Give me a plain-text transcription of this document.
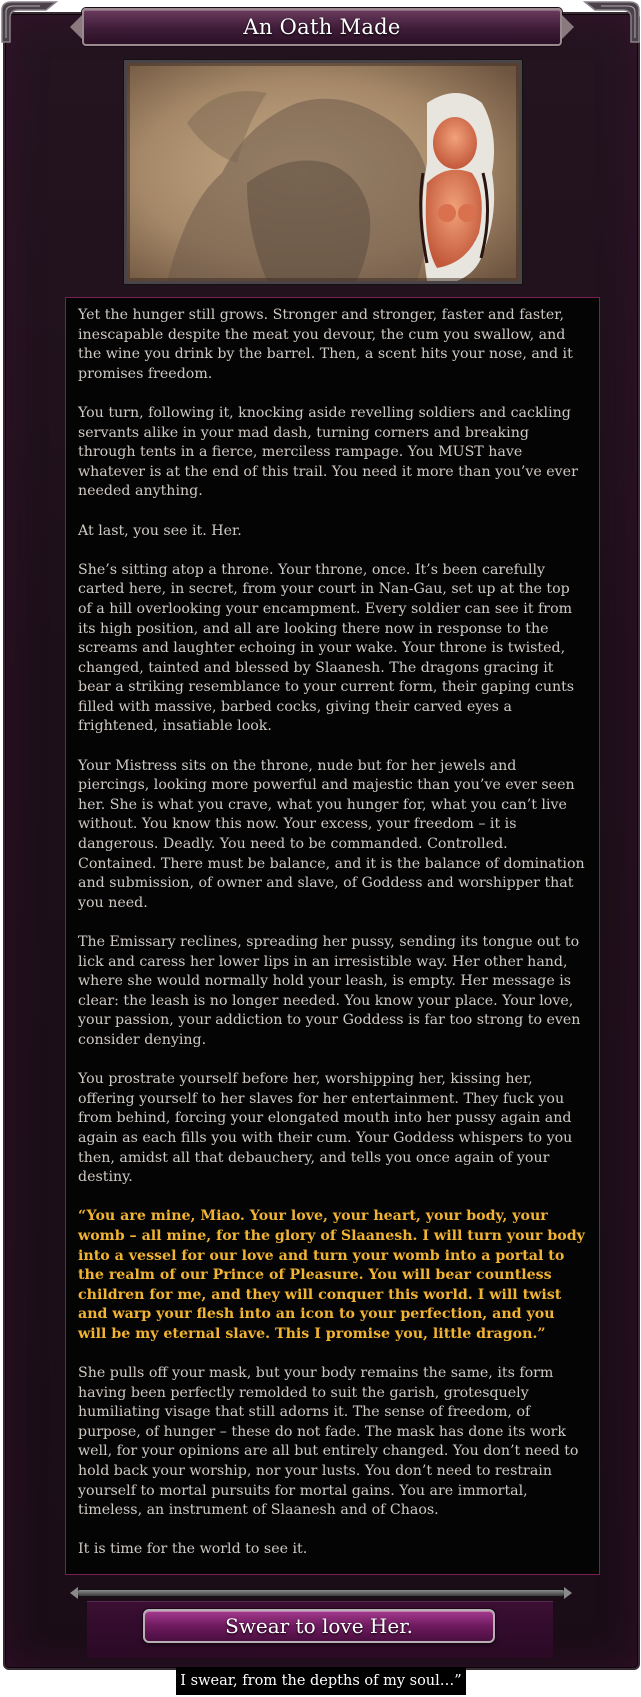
An Oath Made

Yet the hunger still grows. Stronger and stronger, faster and faster, inescapable despite the meat you devour, the cum you swallow, and the wine you drink by the barrel. Then, a scent hits your nose, and it promises freedom.

You turn, following it, knocking aside revelling soldiers and cackling servants alike in your mad dash, turning corners and breaking through tents in a fierce, merciless rampage. You MUST have whatever is at the end of this trail. You need it more than you’ve ever needed anything.

At last, you see it. Her.

She’s sitting atop a throne. Your throne, once. It’s been carefully carted here, in secret, from your court in Nan-Gau, set up at the top of a hill overlooking your encampment. Every soldier can see it from its high position, and all are looking there now in response to the screams and laughter echoing in your wake. Your throne is twisted, changed, tainted and blessed by Slaanesh. The dragons gracing it bear a striking resemblance to your current form, their gaping cunts filled with massive, barbed cocks, giving their carved eyes a frightened, insatiable look.

Your Mistress sits on the throne, nude but for her jewels and piercings, looking more powerful and majestic than you’ve ever seen her. She is what you crave, what you hunger for, what you can’t live without. You know this now. Your excess, your freedom – it is dangerous. Deadly. You need to be commanded. Controlled. Contained. There must be balance, and it is the balance of domination and submission, of owner and slave, of Goddess and worshipper that you need.

The Emissary reclines, spreading her pussy, sending its tongue out to lick and caress her lower lips in an irresistible way. Her other hand, where she would normally hold your leash, is empty. Her message is clear: the leash is no longer needed. You know your place. Your love, your passion, your addiction to your Goddess is far too strong to even consider denying.

You prostrate yourself before her, worshipping her, kissing her, offering yourself to her slaves for her entertainment. They fuck you from behind, forcing your elongated mouth into her pussy again and again as each fills you with their cum. Your Goddess whispers to you then, amidst all that debauchery, and tells you once again of your destiny.

“You are mine, Miao. Your love, your heart, your body, your womb – all mine, for the glory of Slaanesh. I will turn your body into a vessel for our love and turn your womb into a portal to the realm of our Prince of Pleasure. You will bear countless children for me, and they will conquer this world. I will twist and warp your flesh into an icon to your perfection, and you will be my eternal slave. This I promise you, little dragon.”

She pulls off your mask, but your body remains the same, its form having been perfectly remolded to suit the garish, grotesquely humiliating visage that still adorns it. The sense of freedom, of purpose, of hunger – these do not fade. The mask has done its work well, for your opinions are all but entirely changed. You don’t need to hold back your worship, nor your lusts. You don’t need to restrain yourself to mortal pursuits for mortal gains. You are immortal, timeless, an instrument of Slaanesh and of Chaos.

It is time for the world to see it.

Swear to love Her.
I swear, from the depths of my soul…”
